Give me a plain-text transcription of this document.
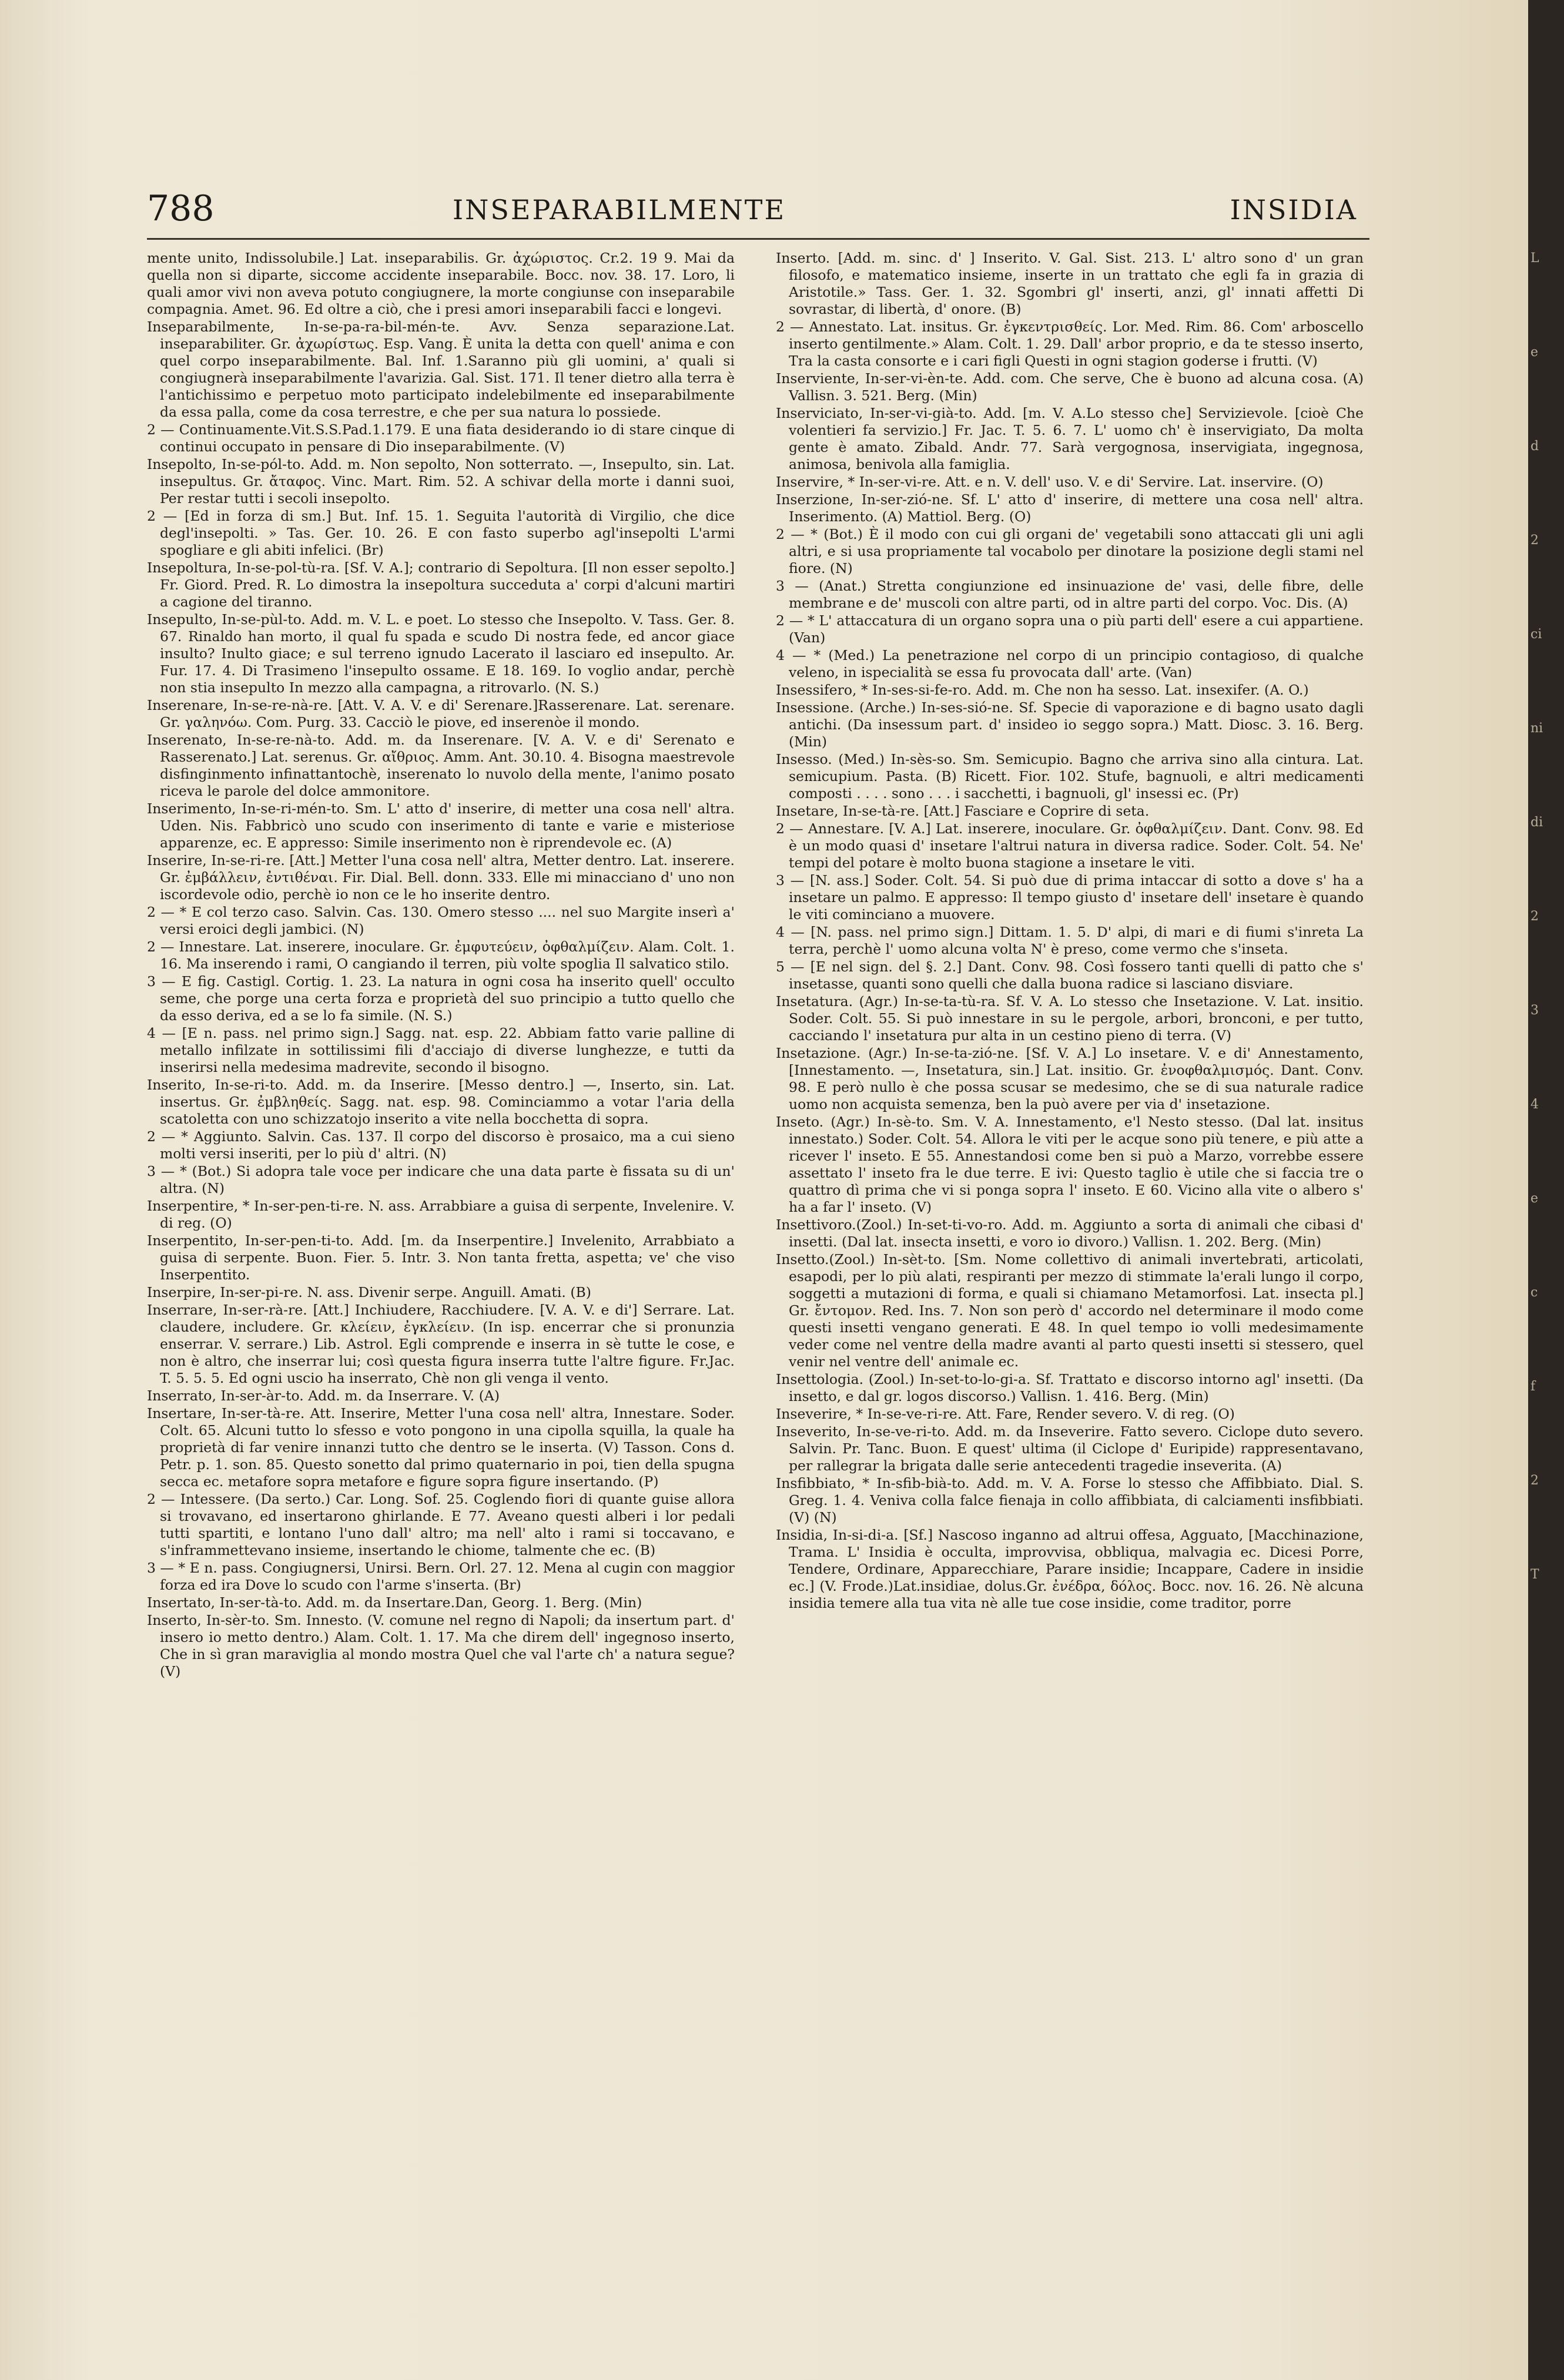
788	INSEPARABILMENTE	INSIDIA
mente unito, Indissolubile.] Lat. inseparabilis. Gr. ἀχώριστος. Cr.2. 19 9. Mai da quella non si diparte, siccome accidente inseparabile. Bocc. nov. 38. 17. Loro, li quali amor vivi non aveva potuto congiugnere, la morte congiunse con inseparabile compagnia. Amet. 96. Ed oltre a ciò, che i presi amori inseparabili facci e longevi.
Inseparabilmente, In-se-pa-ra-bil-mén-te. Avv. Senza separazione.Lat. inseparabiliter. Gr. ἀχωρίστως. Esp. Vang. È unita la detta con quell' anima e con quel corpo inseparabilmente. Bal. Inf. 1.Saranno più gli uomini, a' quali si congiugnerà inseparabilmente l'avarizia. Gal. Sist. 171. Il tener dietro alla terra è l'antichissimo e perpetuo moto participato indelebilmente ed inseparabilmente da essa palla, come da cosa terrestre, e che per sua natura lo possiede.
2 — Continuamente.Vit.S.S.Pad.1.179. E una fiata desiderando io di stare cinque di continui occupato in pensare di Dio inseparabilmente. (V)
Insepolto, In-se-pól-to. Add. m. Non sepolto, Non sotterrato. —, Insepulto, sin. Lat. insepultus. Gr. ἄταφος. Vinc. Mart. Rim. 52. A schivar della morte i danni suoi, Per restar tutti i secoli insepolto.
2 — [Ed in forza di sm.] But. Inf. 15. 1. Seguita l'autorità di Virgilio, che dice degl'insepolti. » Tas. Ger. 10. 26. E con fasto superbo agl'insepolti L'armi spogliare e gli abiti infelici. (Br)
Insepoltura, In-se-pol-tù-ra. [Sf. V. A.]; contrario di Sepoltura. [Il non esser sepolto.] Fr. Giord. Pred. R. Lo dimostra la insepoltura succeduta a' corpi d'alcuni martiri a cagione del tiranno.
Insepulto, In-se-pùl-to. Add. m. V. L. e poet. Lo stesso che Insepolto. V. Tass. Ger. 8. 67. Rinaldo han morto, il qual fu spada e scudo Di nostra fede, ed ancor giace insulto? Inulto giace; e sul terreno ignudo Lacerato il lasciaro ed insepulto. Ar. Fur. 17. 4. Di Trasimeno l'insepulto ossame. E 18. 169. Io voglio andar, perchè non stia insepulto In mezzo alla campagna, a ritrovarlo. (N. S.)
Inserenare, In-se-re-nà-re. [Att. V. A. V. e di' Serenare.]Rasserenare. Lat. serenare. Gr. γαληνόω. Com. Purg. 33. Cacciò le piove, ed inserenòe il mondo.
Inserenato, In-se-re-nà-to. Add. m. da Inserenare. [V. A. V. e di' Serenato e Rasserenato.] Lat. serenus. Gr. αἴθριος. Amm. Ant. 30.10. 4. Bisogna maestrevole disfinginmento infinattantochè, inserenato lo nuvolo della mente, l'animo posato riceva le parole del dolce ammonitore.
Inserimento, In-se-ri-mén-to. Sm. L' atto d' inserire, di metter una cosa nell' altra. Uden. Nis. Fabbricò uno scudo con inserimento di tante e varie e misteriose apparenze, ec. E appresso: Simile inserimento non è riprendevole ec. (A)
Inserire, In-se-ri-re. [Att.] Metter l'una cosa nell' altra, Metter dentro. Lat. inserere. Gr. ἐμβάλλειν, ἐντιθέναι. Fir. Dial. Bell. donn. 333. Elle mi minacciano d' uno non iscordevole odio, perchè io non ce le ho inserite dentro.
2 — * E col terzo caso. Salvin. Cas. 130. Omero stesso .... nel suo Margite inserì a' versi eroici degli jambici. (N)
2 — Innestare. Lat. inserere, inoculare. Gr. ἐμφυτεύειν, ὀφθαλμίζειν. Alam. Colt. 1. 16. Ma inserendo i rami, O cangiando il terren, più volte spoglia Il salvatico stilo.
3 — E fig. Castigl. Cortig. 1. 23. La natura in ogni cosa ha inserito quell' occulto seme, che porge una certa forza e proprietà del suo principio a tutto quello che da esso deriva, ed a se lo fa simile. (N. S.)
4 — [E n. pass. nel primo sign.] Sagg. nat. esp. 22. Abbiam fatto varie palline di metallo infilzate in sottilissimi fili d'acciajo di diverse lunghezze, e tutti da inserirsi nella medesima madrevite, secondo il bisogno.
Inserito, In-se-ri-to. Add. m. da Inserire. [Messo dentro.] —, Inserto, sin. Lat. insertus. Gr. ἐμβληθείς. Sagg. nat. esp. 98. Cominciammo a votar l'aria della scatoletta con uno schizzatojo inserito a vite nella bocchetta di sopra.
2 — * Aggiunto. Salvin. Cas. 137. Il corpo del discorso è prosaico, ma a cui sieno molti versi inseriti, per lo più d' altri. (N)
3 — * (Bot.) Si adopra tale voce per indicare che una data parte è fissata su di un' altra. (N)
Inserpentire, * In-ser-pen-ti-re. N. ass. Arrabbiare a guisa di serpente, Invelenire. V. di reg. (O)
Inserpentito, In-ser-pen-ti-to. Add. [m. da Inserpentire.] Invelenito, Arrabbiato a guisa di serpente. Buon. Fier. 5. Intr. 3. Non tanta fretta, aspetta; ve' che viso Inserpentito.
Inserpire, In-ser-pi-re. N. ass. Divenir serpe. Anguill. Amati. (B)
Inserrare, In-ser-rà-re. [Att.] Inchiudere, Racchiudere. [V. A. V. e di'] Serrare. Lat. claudere, includere. Gr. κλείειν, ἐγκλείειν. (In isp. encerrar che si pronunzia enserrar. V. serrare.) Lib. Astrol. Egli comprende e inserra in sè tutte le cose, e non è altro, che inserrar lui; così questa figura inserra tutte l'altre figure. Fr.Jac. T. 5. 5. 5. Ed ogni uscio ha inserrato, Chè non gli venga il vento.
Inserrato, In-ser-àr-to. Add. m. da Inserrare. V. (A)
Insertare, In-ser-tà-re. Att. Inserire, Metter l'una cosa nell' altra, Innestare. Soder. Colt. 65. Alcuni tutto lo sfesso e voto pongono in una cipolla squilla, la quale ha proprietà di far venire innanzi tutto che dentro se le inserta. (V) Tasson. Cons d. Petr. p. 1. son. 85. Questo sonetto dal primo quaternario in poi, tien della spugna secca ec. metafore sopra metafore e figure sopra figure insertando. (P)
2 — Intessere. (Da serto.) Car. Long. Sof. 25. Coglendo fiori di quante guise allora si trovavano, ed insertarono ghirlande. E 77. Aveano questi alberi i lor pedali tutti spartiti, e lontano l'uno dall' altro; ma nell' alto i rami si toccavano, e s'inframmettevano insieme, insertando le chiome, talmente che ec. (B)
3 — * E n. pass. Congiugnersi, Unirsi. Bern. Orl. 27. 12. Mena al cugin con maggior forza ed ira Dove lo scudo con l'arme s'inserta. (Br)
Insertato, In-ser-tà-to. Add. m. da Insertare.Dan, Georg. 1. Berg. (Min)
Inserto, In-sèr-to. Sm. Innesto. (V. comune nel regno di Napoli; da insertum part. d' insero io metto dentro.) Alam. Colt. 1. 17. Ma che direm dell' ingegnoso inserto, Che in sì gran maraviglia al mondo mostra Quel che val l'arte ch' a natura segue? (V)
Inserto. [Add. m. sinc. d' ] Inserito. V. Gal. Sist. 213. L' altro sono d' un gran filosofo, e matematico insieme, inserte in un trattato che egli fa in grazia di Aristotile.» Tass. Ger. 1. 32. Sgombri gl' inserti, anzi, gl' innati affetti Di sovrastar, di libertà, d' onore. (B)
2 — Annestato. Lat. insitus. Gr. ἐγκεντρισθείς. Lor. Med. Rim. 86. Com' arboscello inserto gentilmente.» Alam. Colt. 1. 29. Dall' arbor proprio, e da te stesso inserto, Tra la casta consorte e i cari figli Questi in ogni stagion goderse i frutti. (V)
Inserviente, In-ser-vi-èn-te. Add. com. Che serve, Che è buono ad alcuna cosa. (A) Vallisn. 3. 521. Berg. (Min)
Inserviciato, In-ser-vi-già-to. Add. [m. V. A.Lo stesso che] Servizievole. [cioè Che volentieri fa servizio.] Fr. Jac. T. 5. 6. 7. L' uomo ch' è inservigiato, Da molta gente è amato. Zibald. Andr. 77. Sarà vergognosa, inservigiata, ingegnosa, animosa, benivola alla famiglia.
Inservire, * In-ser-vi-re. Att. e n. V. dell' uso. V. e di' Servire. Lat. inservire. (O)
Inserzione, In-ser-zió-ne. Sf. L' atto d' inserire, di mettere una cosa nell' altra. Inserimento. (A) Mattiol. Berg. (O)
2 — * (Bot.) È il modo con cui gli organi de' vegetabili sono attaccati gli uni agli altri, e si usa propriamente tal vocabolo per dinotare la posizione degli stami nel fiore. (N)
3 — (Anat.) Stretta congiunzione ed insinuazione de' vasi, delle fibre, delle membrane e de' muscoli con altre parti, od in altre parti del corpo. Voc. Dis. (A)
2 — * L' attaccatura di un organo sopra una o più parti dell' esere a cui appartiene. (Van)
4 — * (Med.) La penetrazione nel corpo di un principio contagioso, di qualche veleno, in ispecialità se essa fu provocata dall' arte. (Van)
Insessifero, * In-ses-si-fe-ro. Add. m. Che non ha sesso. Lat. insexifer. (A. O.)
Insessione. (Arche.) In-ses-sió-ne. Sf. Specie di vaporazione e di bagno usato dagli antichi. (Da insessum part. d' insideo io seggo sopra.) Matt. Diosc. 3. 16. Berg. (Min)
Insesso. (Med.) In-sès-so. Sm. Semicupio. Bagno che arriva sino alla cintura. Lat. semicupium. Pasta. (B) Ricett. Fior. 102. Stufe, bagnuoli, e altri medicamenti composti . . . . sono . . . i sacchetti, i bagnuoli, gl' insessi ec. (Pr)
Insetare, In-se-tà-re. [Att.] Fasciare e Coprire di seta.
2 — Annestare. [V. A.] Lat. inserere, inoculare. Gr. ὀφθαλμίζειν. Dant. Conv. 98. Ed è un modo quasi d' insetare l'altrui natura in diversa radice. Soder. Colt. 54. Ne' tempi del potare è molto buona stagione a insetare le viti.
3 — [N. ass.] Soder. Colt. 54. Si può due di prima intaccar di sotto a dove s' ha a insetare un palmo. E appresso: Il tempo giusto d' insetare dell' insetare è quando le viti cominciano a muovere.
4 — [N. pass. nel primo sign.] Dittam. 1. 5. D' alpi, di mari e di fiumi s'inreta La terra, perchè l' uomo alcuna volta N' è preso, come vermo che s'inseta.
5 — [E nel sign. del §. 2.] Dant. Conv. 98. Così fossero tanti quelli di patto che s' insetasse, quanti sono quelli che dalla buona radice si lasciano disviare.
Insetatura. (Agr.) In-se-ta-tù-ra. Sf. V. A. Lo stesso che Insetazione. V. Lat. insitio. Soder. Colt. 55. Si può innestare in su le pergole, arbori, bronconi, e per tutto, cacciando l' insetatura pur alta in un cestino pieno di terra. (V)
Insetazione. (Agr.) In-se-ta-zió-ne. [Sf. V. A.] Lo insetare. V. e di' Annestamento, [Innestamento. —, Insetatura, sin.] Lat. insitio. Gr. ἐνοφθαλμισμός. Dant. Conv. 98. E però nullo è che possa scusar se medesimo, che se di sua naturale radice uomo non acquista semenza, ben la può avere per via d' insetazione.
Inseto. (Agr.) In-sè-to. Sm. V. A. Innestamento, e'l Nesto stesso. (Dal lat. insitus innestato.) Soder. Colt. 54. Allora le viti per le acque sono più tenere, e più atte a ricever l' inseto. E 55. Annestandosi come ben si può a Marzo, vorrebbe essere assettato l' inseto fra le due terre. E ivi: Questo taglio è utile che si faccia tre o quattro dì prima che vi si ponga sopra l' inseto. E 60. Vicino alla vite o albero s' ha a far l' inseto. (V)
Insettivoro.(Zool.) In-set-ti-vo-ro. Add. m. Aggiunto a sorta di animali che cibasi d' insetti. (Dal lat. insecta insetti, e voro io divoro.) Vallisn. 1. 202. Berg. (Min)
Insetto.(Zool.) In-sèt-to. [Sm. Nome collettivo di animali invertebrati, articolati, esapodi, per lo più alati, respiranti per mezzo di stimmate la'erali lungo il corpo, soggetti a mutazioni di forma, e quali si chiamano Metamorfosi. Lat. insecta pl.] Gr. ἔντομον. Red. Ins. 7. Non son però d' accordo nel determinare il modo come questi insetti vengano generati. E 48. In quel tempo io volli medesimamente veder come nel ventre della madre avanti al parto questi insetti si stessero, quel venir nel ventre dell' animale ec.
Insettologia. (Zool.) In-set-to-lo-gi-a. Sf. Trattato e discorso intorno agl' insetti. (Da insetto, e dal gr. logos discorso.) Vallisn. 1. 416. Berg. (Min)
Inseverire, * In-se-ve-ri-re. Att. Fare, Render severo. V. di reg. (O)
Inseverito, In-se-ve-ri-to. Add. m. da Inseverire. Fatto severo. Ciclope duto severo. Salvin. Pr. Tanc. Buon. E quest' ultima (il Ciclope d' Euripide) rappresentavano, per rallegrar la brigata dalle serie antecedenti tragedie inseverita. (A)
Insfibbiato, * In-sfib-bià-to. Add. m. V. A. Forse lo stesso che Affibbiato. Dial. S. Greg. 1. 4. Veniva colla falce fienaja in collo affibbiata, di calciamenti insfibbiati. (V) (N)
Insidia, In-si-di-a. [Sf.] Nascoso inganno ad altrui offesa, Agguato, [Macchinazione, Trama. L' Insidia è occulta, improvvisa, obbliqua, malvagia ec. Dicesi Porre, Tendere, Ordinare, Apparecchiare, Parare insidie; Incappare, Cadere in insidie ec.] (V. Frode.)Lat.insidiae, dolus.Gr. ἐνέδρα, δόλος. Bocc. nov. 16. 26. Nè alcuna insidia temere alla tua vita nè alle tue cose insidie, come traditor, porre
L
e
d
2
ci
ni
di
2
3
4
e
c
f
2
T
